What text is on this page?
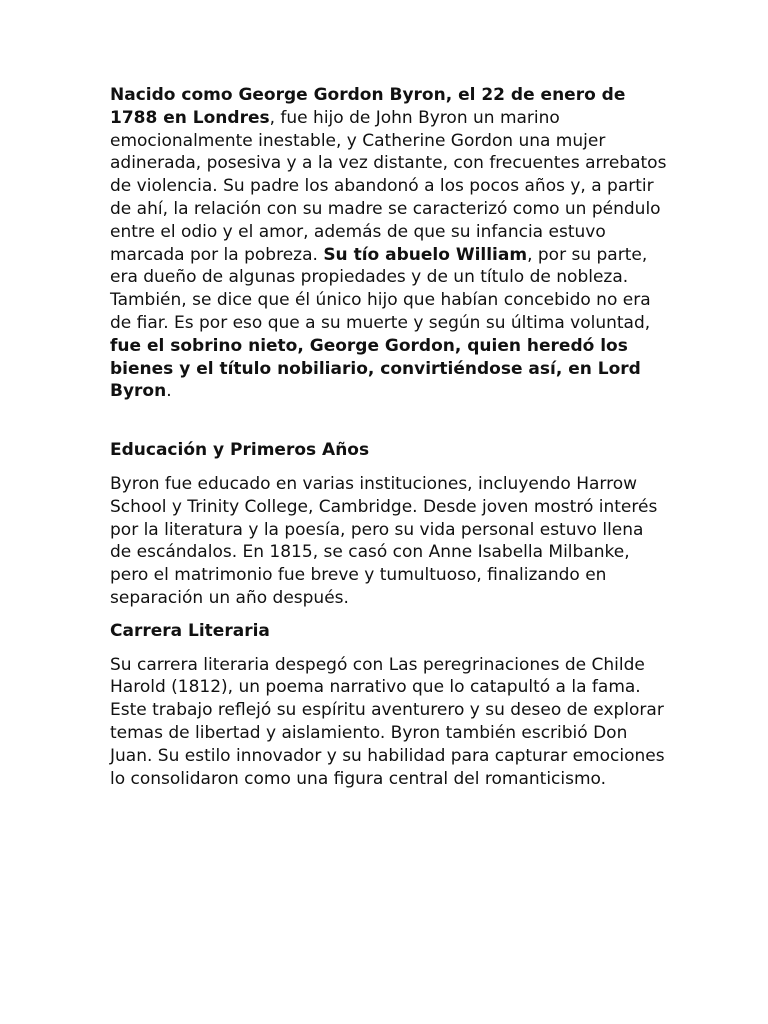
Nacido como George Gordon Byron, el 22 de enero de 1788 en Londres, fue hijo de John Byron un marino emocionalmente inestable, y Catherine Gordon una mujer adinerada, posesiva y a la vez distante, con frecuentes arrebatos de violencia. Su padre los abandonó a los pocos años y, a partir de ahí, la relación con su madre se caracterizó como un péndulo entre el odio y el amor, además de que su infancia estuvo marcada por la pobreza. Su tío abuelo William, por su parte, era dueño de algunas propiedades y de un título de nobleza. También, se dice que él único hijo que habían concebido no era de fiar. Es por eso que a su muerte y según su última voluntad, fue el sobrino nieto, George Gordon, quien heredó los bienes y el título nobiliario, convirtiéndose así, en Lord Byron.

Educación y Primeros Años

Byron fue educado en varias instituciones, incluyendo Harrow School y Trinity College, Cambridge. Desde joven mostró interés por la literatura y la poesía, pero su vida personal estuvo llena de escándalos. En 1815, se casó con Anne Isabella Milbanke, pero el matrimonio fue breve y tumultuoso, finalizando en separación un año después.

Carrera Literaria

Su carrera literaria despegó con Las peregrinaciones de Childe Harold (1812), un poema narrativo que lo catapultó a la fama. Este trabajo reflejó su espíritu aventurero y su deseo de explorar temas de libertad y aislamiento. Byron también escribió Don Juan. Su estilo innovador y su habilidad para capturar emociones lo consolidaron como una figura central del romanticismo.
